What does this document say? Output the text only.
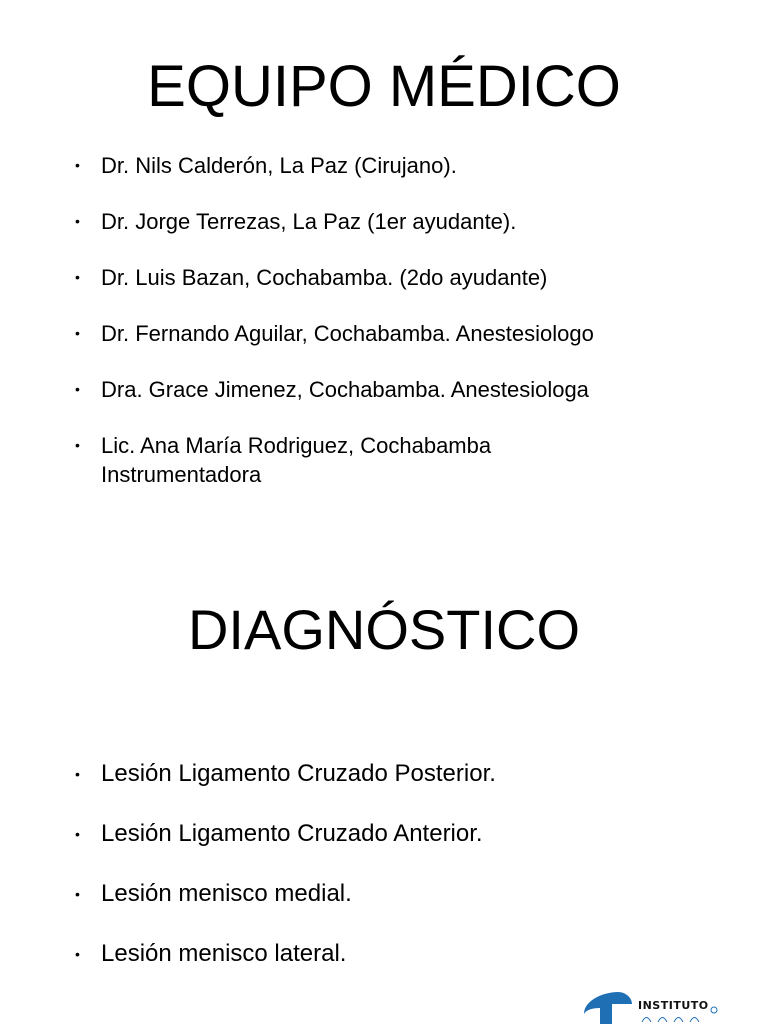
EQUIPO MÉDICO
• Dr. Nils Calderón, La Paz (Cirujano).
• Dr. Jorge Terrezas, La Paz (1er ayudante).
• Dr. Luis Bazan, Cochabamba. (2do ayudante)
• Dr. Fernando Aguilar, Cochabamba. Anestesiologo
• Dra. Grace Jimenez, Cochabamba. Anestesiologa
• Lic. Ana María Rodriguez, Cochabamba
Instrumentadora
DIAGNÓSTICO
• Lesión Ligamento Cruzado Posterior.
• Lesión Ligamento Cruzado Anterior.
• Lesión menisco medial.
• Lesión menisco lateral.
INSTITUTO
